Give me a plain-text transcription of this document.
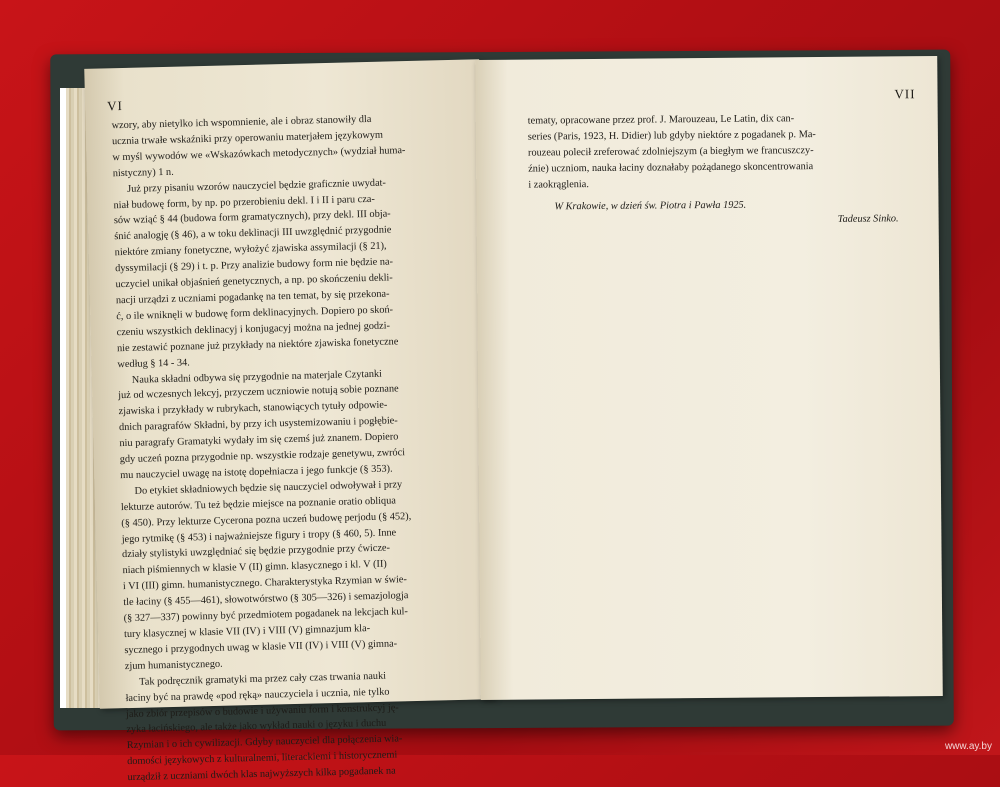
VI
wzory, aby nietylko ich wspomnienie, ale i obraz stanowiły dla
ucznia trwałe wskaźniki przy operowaniu materjałem językowym
w myśl wywodów we «Wskazówkach metodycznych» (wydział huma-
nistyczny) 1 n.
Już przy pisaniu wzorów nauczyciel będzie graficznie uwydat-
niał budowę form, by np. po przerobieniu dekl. I i II i paru cza-
sów wziąć § 44 (budowa form gramatycznych), przy dekl. III obja-
śnić analogję (§ 46), a w toku deklinacji III uwzględnić przygodnie
niektóre zmiany fonetyczne, wyłożyć zjawiska assymilacji (§ 21),
dyssymilacji (§ 29) i t. p. Przy analizie budowy form nie będzie na-
uczyciel unikał objaśnień genetycznych, a np. po skończeniu dekli-
nacji urządzi z uczniami pogadankę na ten temat, by się przekona-
ć, o ile wniknęli w budowę form deklinacyjnych. Dopiero po skoń-
czeniu wszystkich deklinacyj i konjugacyj można na jednej godzi-
nie zestawić poznane już przykłady na niektóre zjawiska fonetyczne
według § 14 - 34.
Nauka składni odbywa się przygodnie na materjale Czytanki
już od wczesnych lekcyj, przyczem uczniowie notują sobie poznane
zjawiska i przykłady w rubrykach, stanowiących tytuły odpowie-
dnich paragrafów Składni, by przy ich usystemizowaniu i pogłębie-
niu paragrafy Gramatyki wydały im się czemś już znanem. Dopiero
gdy uczeń pozna przygodnie np. wszystkie rodzaje genetywu, zwróci
mu nauczyciel uwagę na istotę dopełniacza i jego funkcje (§ 353).
Do etykiet składniowych będzie się nauczyciel odwoływał i przy
lekturze autorów. Tu też będzie miejsce na poznanie oratio obliqua
(§ 450). Przy lekturze Cycerona pozna uczeń budowę perjodu (§ 452),
jego rytmikę (§ 453) i najważniejsze figury i tropy (§ 460, 5). Inne
działy stylistyki uwzględniać się będzie przygodnie przy ćwicze-
niach piśmiennych w klasie V (II) gimn. klasycznego i kl. V (II)
i VI (III) gimn. humanistycznego. Charakterystyka Rzymian w świe-
tle łaciny (§ 455—461), słowotwórstwo (§ 305—326) i semazjologja
(§ 327—337) powinny być przedmiotem pogadanek na lekcjach kul-
tury klasycznej w klasie VII (IV) i VIII (V) gimnazjum kla-
sycznego i przygodnych uwag w klasie VII (IV) i VIII (V) gimna-
zjum humanistycznego.
Tak podręcznik gramatyki ma przez cały czas trwania nauki
łaciny być na prawdę «pod ręką» nauczyciela i ucznia, nie tylko
jako zbiór przepisów o budowie i używaniu form i konstrukcyj ję-
zyka łacińskiego, ale także jako wykład nauki o języku i duchu
Rzymian i o ich cywilizacji. Gdyby nauczyciel dla połączenia wia-
domości językowych z kulturalnemi, literackiemi i historycznemi
urządził z uczniami dwóch klas najwyższych kilka pogadanek na
VII
tematy, opracowane przez prof. J. Marouzeau, Le Latin, dix can-
series (Paris, 1923, H. Didier) lub gdyby niektóre z pogadanek p. Ma-
rouzeau polecił zreferować zdolniejszym (a biegłym we francuszczy-
źnie) uczniom, nauka łaciny doznałaby pożądanego skoncentrowania
i zaokrąglenia.
W Krakowie, w dzień św. Piotra i Pawła 1925.
Tadeusz Sinko.
www.ay.by
